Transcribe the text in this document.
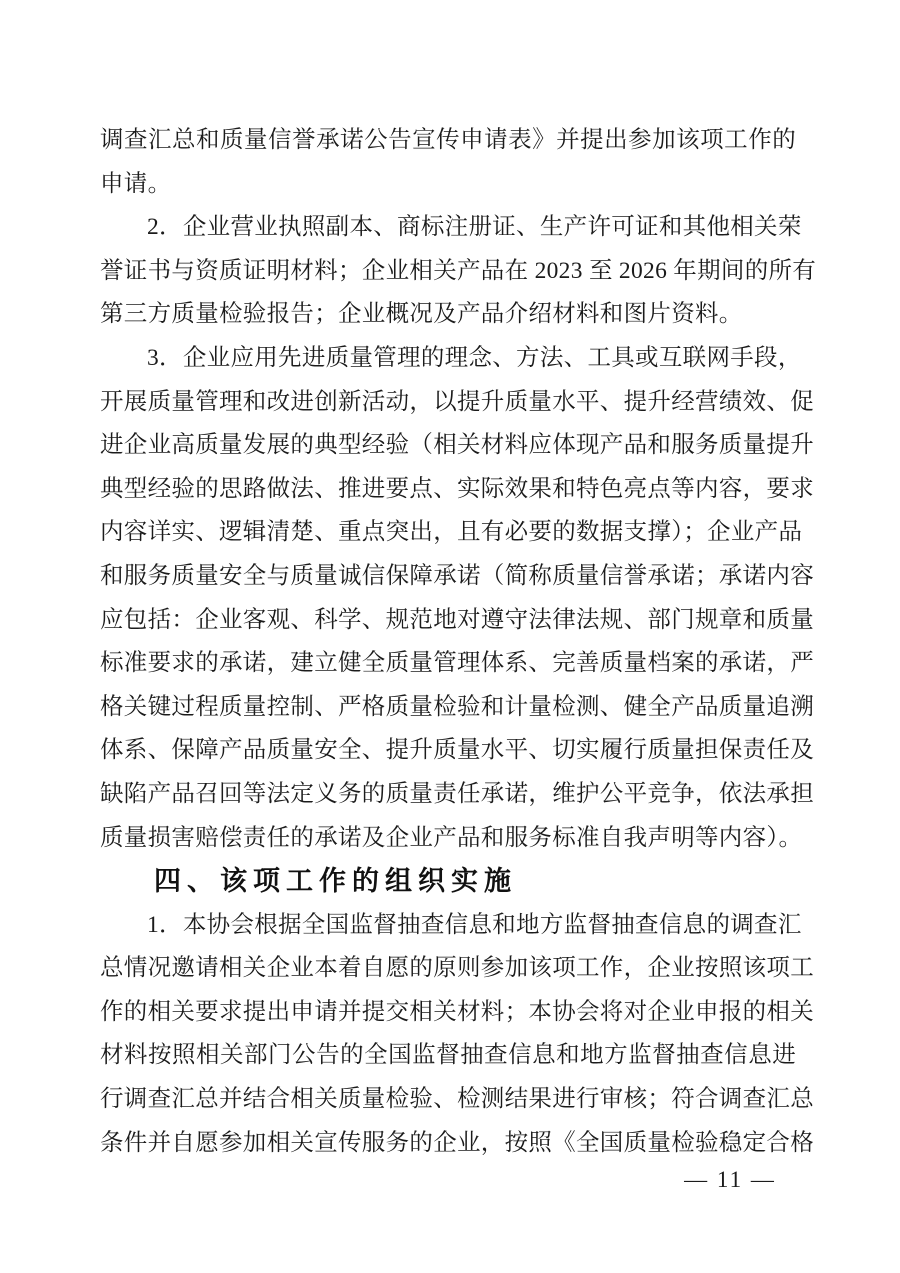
调查汇总和质量信誉承诺公告宣传申请表》并提出参加该项工作的
申请。
2．企业营业执照副本、商标注册证、生产许可证和其他相关荣
誉证书与资质证明材料；企业相关产品在 2023 至 2026 年期间的所有
第三方质量检验报告；企业概况及产品介绍材料和图片资料。
3．企业应用先进质量管理的理念、方法、工具或互联网手段，
开展质量管理和改进创新活动，以提升质量水平、提升经营绩效、促
进企业高质量发展的典型经验（相关材料应体现产品和服务质量提升
典型经验的思路做法、推进要点、实际效果和特色亮点等内容，要求
内容详实、逻辑清楚、重点突出，且有必要的数据支撑）；企业产品
和服务质量安全与质量诚信保障承诺（简称质量信誉承诺；承诺内容
应包括：企业客观、科学、规范地对遵守法律法规、部门规章和质量
标准要求的承诺，建立健全质量管理体系、完善质量档案的承诺，严
格关键过程质量控制、严格质量检验和计量检测、健全产品质量追溯
体系、保障产品质量安全、提升质量水平、切实履行质量担保责任及
缺陷产品召回等法定义务的质量责任承诺，维护公平竞争，依法承担
质量损害赔偿责任的承诺及企业产品和服务标准自我声明等内容）。
四、该项工作的组织实施
1．本协会根据全国监督抽查信息和地方监督抽查信息的调查汇
总情况邀请相关企业本着自愿的原则参加该项工作，企业按照该项工
作的相关要求提出申请并提交相关材料；本协会将对企业申报的相关
材料按照相关部门公告的全国监督抽查信息和地方监督抽查信息进
行调查汇总并结合相关质量检验、检测结果进行审核；符合调查汇总
条件并自愿参加相关宣传服务的企业，按照《全国质量检验稳定合格
— 11 —
